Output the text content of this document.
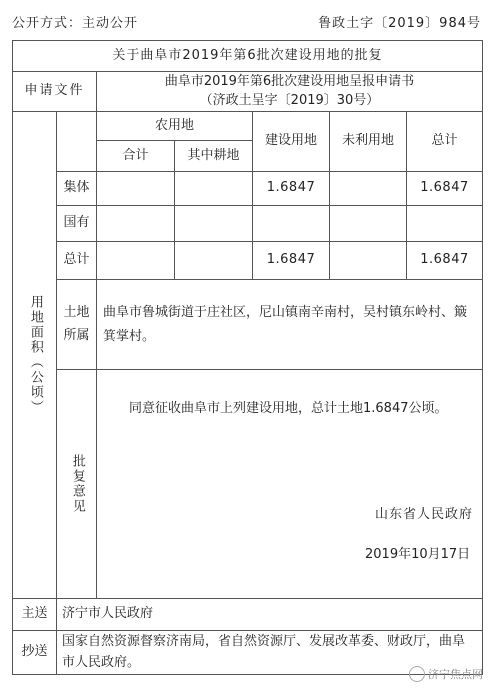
公开方式：主动公开	鲁政土字〔2019〕984号
关于曲阜市2019年第6批次建设用地的批复						
申请文件		曲阜市2019年第6批次建设用地呈报申请书
（济政土呈字〔2019〕30号）				

用地面积（公顷）		农用地		建设用地	未利用地	总计
		合计	其中耕地			
	集体			1.6847		1.6847
	国有					
	总计			1.6847		1.6847

	土地所属	曲阜市鲁城街道于庄社区，尼山镇南辛南村，吴村镇东岭村、簸箕掌村。				

	批复意见	同意征收曲阜市上列建设用地，总计土地1.6847公顷。
山东省人民政府
2019年10月17日				

主送	济宁市人民政府					
抄送	国家自然资源督察济南局，省自然资源厅、发展改革委、财政厅，曲阜市人民政府。					
济宁焦点网
